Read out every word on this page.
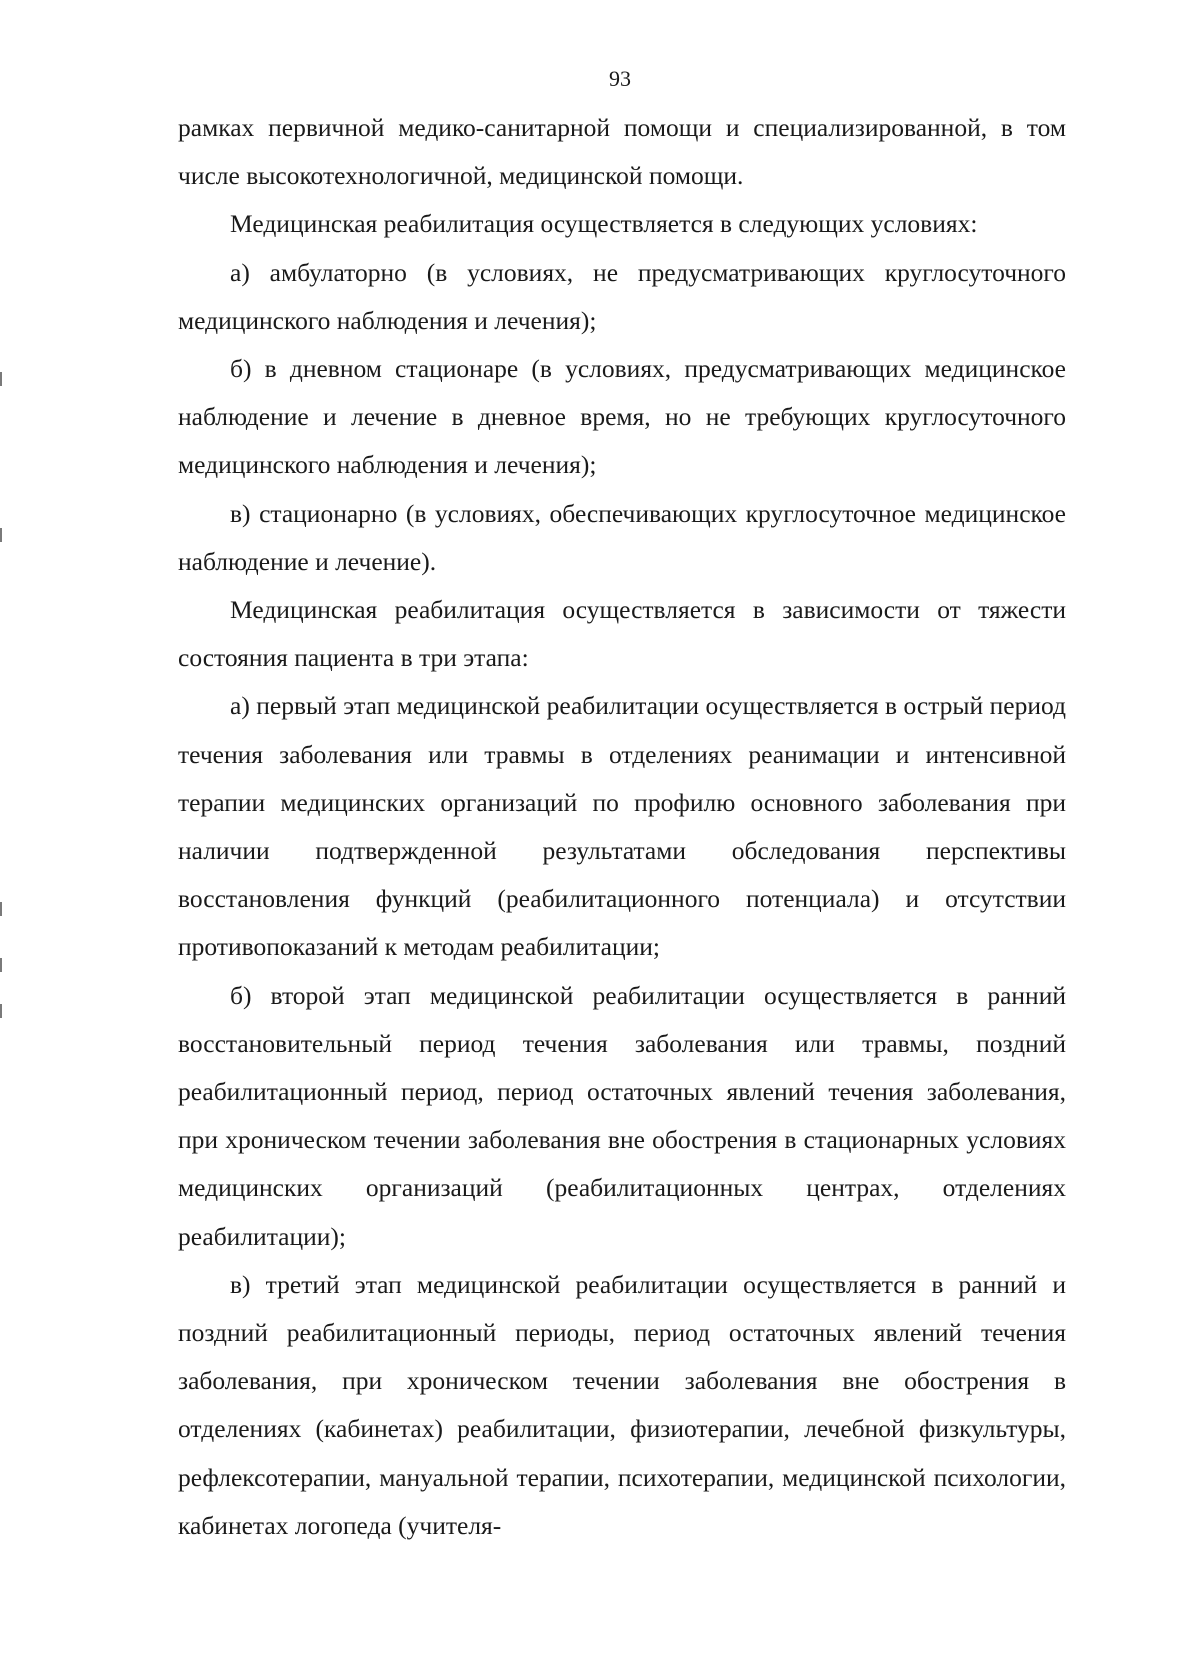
93

рамках первичной медико-санитарной помощи и специализированной, в том числе высокотехнологичной, медицинской помощи.

Медицинская реабилитация осуществляется в следующих условиях:

а) амбулаторно (в условиях, не предусматривающих круглосуточного медицинского наблюдения и лечения);

б) в дневном стационаре (в условиях, предусматривающих медицинское наблюдение и лечение в дневное время, но не требующих круглосуточного медицинского наблюдения и лечения);

в) стационарно (в условиях, обеспечивающих круглосуточное медицинское наблюдение и лечение).

Медицинская реабилитация осуществляется в зависимости от тяжести состояния пациента в три этапа:

а) первый этап медицинской реабилитации осуществляется в острый период течения заболевания или травмы в отделениях реанимации и интенсивной терапии медицинских организаций по профилю основного заболевания при наличии подтвержденной результатами обследования перспективы восстановления функций (реабилитационного потенциала) и отсутствии противопоказаний к методам реабилитации;

б) второй этап медицинской реабилитации осуществляется в ранний восстановительный период течения заболевания или травмы, поздний реабилитационный период, период остаточных явлений течения заболевания, при хроническом течении заболевания вне обострения в стационарных условиях медицинских организаций (реабилитационных центрах, отделениях реабилитации);

в) третий этап медицинской реабилитации осуществляется в ранний и поздний реабилитационный периоды, период остаточных явлений течения заболевания, при хроническом течении заболевания вне обострения в отделениях (кабинетах) реабилитации, физиотерапии, лечебной физкультуры, рефлексотерапии, мануальной терапии, психотерапии, медицинской психологии, кабинетах логопеда (учителя-
